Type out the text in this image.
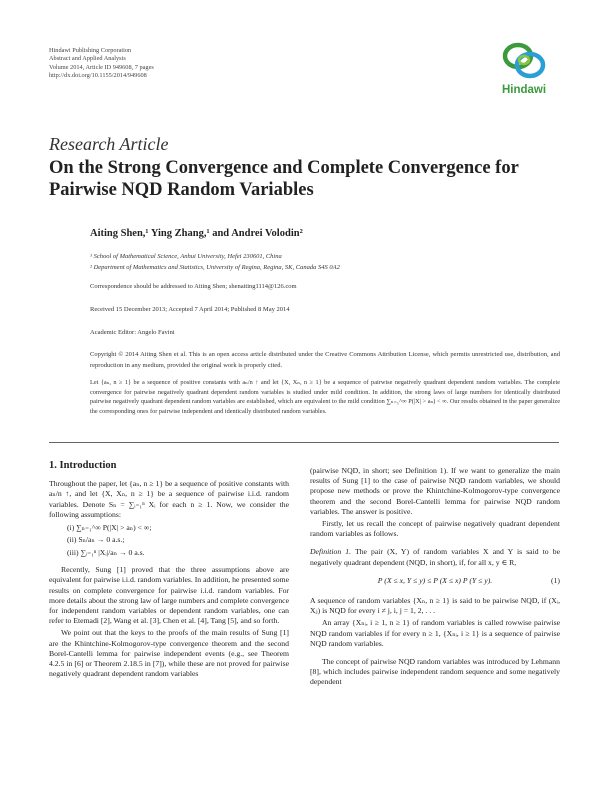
Hindawi Publishing Corporation
Abstract and Applied Analysis
Volume 2014, Article ID 949608, 7 pages
http://dx.doi.org/10.1155/2014/949608
Hindawi
Research Article
On the Strong Convergence and Complete Convergence for Pairwise NQD Random Variables
Aiting Shen,¹ Ying Zhang,¹ and Andrei Volodin²
¹ School of Mathematical Science, Anhui University, Hefei 230601, China
² Department of Mathematics and Statistics, University of Regina, Regina, SK, Canada S4S 0A2
Correspondence should be addressed to Aiting Shen; shenaiting1114@126.com
Received 15 December 2013; Accepted 7 April 2014; Published 8 May 2014
Academic Editor: Angelo Favini
Copyright © 2014 Aiting Shen et al. This is an open access article distributed under the Creative Commons Attribution License, which permits unrestricted use, distribution, and reproduction in any medium, provided the original work is properly cited.
Let {aₙ, n ≥ 1} be a sequence of positive constants with aₙ/n ↑ and let {X, Xₙ, n ≥ 1} be a sequence of pairwise negatively quadrant dependent random variables. The complete convergence for pairwise negatively quadrant dependent random variables is studied under mild condition. In addition, the strong laws of large numbers for identically distributed pairwise negatively quadrant dependent random variables are established, which are equivalent to the mild condition ∑ₙ₌₁^∞ P(|X| > aₙ) < ∞. Our results obtained in the paper generalize the corresponding ones for pairwise independent and identically distributed random variables.
1. Introduction

Throughout the paper, let {aₙ, n ≥ 1} be a sequence of positive constants with aₙ/n ↑, and let {X, Xₙ, n ≥ 1} be a sequence of pairwise i.i.d. random variables. Denote Sₙ = ∑ᵢ₌₁ⁿ Xᵢ for each n ≥ 1. Now, we consider the following assumptions:

(i) ∑ₙ₌₁^∞ P(|X| > aₙ) < ∞;
(ii) Sₙ/aₙ → 0 a.s.;
(iii) ∑ᵢ₌₁ⁿ |Xᵢ|/aₙ → 0 a.s.

Recently, Sung [1] proved that the three assumptions above are equivalent for pairwise i.i.d. random variables. In addition, he presented some results on complete convergence for pairwise i.i.d. random variables. For more details about the strong law of large numbers and complete convergence for independent random variables or dependent random variables, one can refer to Etemadi [2], Wang et al. [3], Chen et al. [4], Tang [5], and so forth.

We point out that the keys to the proofs of the main results of Sung [1] are the Khintchine-Kolmogorov-type convergence theorem and the second Borel-Cantelli lemma for pairwise independent events (e.g., see Theorem 4.2.5 in [6] or Theorem 2.18.5 in [7]), while these are not proved for pairwise negatively quadrant dependent random variables

(pairwise NQD, in short; see Definition 1). If we want to generalize the main results of Sung [1] to the case of pairwise NQD random variables, we should propose new methods or prove the Khintchine-Kolmogorov-type convergence theorem and the second Borel-Cantelli lemma for pairwise NQD random variables. The answer is positive.

Firstly, let us recall the concept of pairwise negatively quadrant dependent random variables as follows.

Definition 1. The pair (X, Y) of random variables X and Y is said to be negatively quadrant dependent (NQD, in short), if, for all x, y ∈ R,

P (X ≤ x, Y ≤ y) ≤ P (X ≤ x) P (Y ≤ y).	(1)

A sequence of random variables {Xₙ, n ≥ 1} is said to be pairwise NQD, if (Xᵢ, Xⱼ) is NQD for every i ≠ j, i, j = 1, 2, . . .

An array {Xₙᵢ, i ≥ 1, n ≥ 1} of random variables is called rowwise pairwise NQD random variables if for every n ≥ 1, {Xₙᵢ, i ≥ 1} is a sequence of pairwise NQD random variables.

The concept of pairwise NQD random variables was introduced by Lehmann [8], which includes pairwise independent random sequence and some negatively dependent
